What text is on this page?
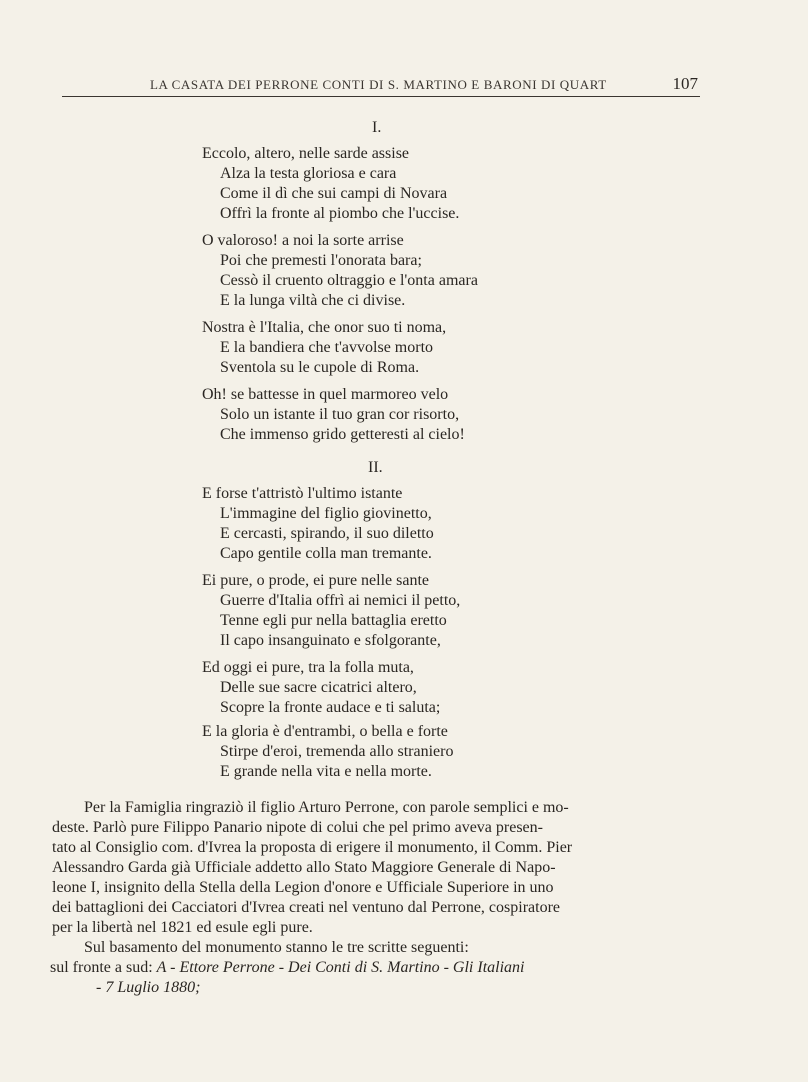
LA CASATA DEI PERRONE CONTI DI S. MARTINO E BARONI DI QUART	107
I.
Eccolo, altero, nelle sarde assise
Alza la testa gloriosa e cara
Come il dì che sui campi di Novara
Offrì la fronte al piombo che l'uccise.
O valoroso! a noi la sorte arrise
Poi che premesti l'onorata bara;
Cessò il cruento oltraggio e l'onta amara
E la lunga viltà che ci divise.
Nostra è l'Italia, che onor suo ti noma,
E la bandiera che t'avvolse morto
Sventola su le cupole di Roma.
Oh! se battesse in quel marmoreo velo
Solo un istante il tuo gran cor risorto,
Che immenso grido getteresti al cielo!
II.
E forse t'attristò l'ultimo istante
L'immagine del figlio giovinetto,
E cercasti, spirando, il suo diletto
Capo gentile colla man tremante.
Ei pure, o prode, ei pure nelle sante
Guerre d'Italia offrì ai nemici il petto,
Tenne egli pur nella battaglia eretto
Il capo insanguinato e sfolgorante,
Ed oggi ei pure, tra la folla muta,
Delle sue sacre cicatrici altero,
Scopre la fronte audace e ti saluta;
E la gloria è d'entrambi, o bella e forte
Stirpe d'eroi, tremenda allo straniero
E grande nella vita e nella morte.
Per la Famiglia ringraziò il figlio Arturo Perrone, con parole semplici e mo-
deste. Parlò pure Filippo Panario nipote di colui che pel primo aveva presen-
tato al Consiglio com. d'Ivrea la proposta di erigere il monumento, il Comm. Pier
Alessandro Garda già Ufficiale addetto allo Stato Maggiore Generale di Napo-
leone I, insignito della Stella della Legion d'onore e Ufficiale Superiore in uno
dei battaglioni dei Cacciatori d'Ivrea creati nel ventuno dal Perrone, cospiratore
per la libertà nel 1821 ed esule egli pure.
Sul basamento del monumento stanno le tre scritte seguenti:
sul fronte a sud: A - Ettore Perrone - Dei Conti di S. Martino - Gli Italiani
- 7 Luglio 1880;
